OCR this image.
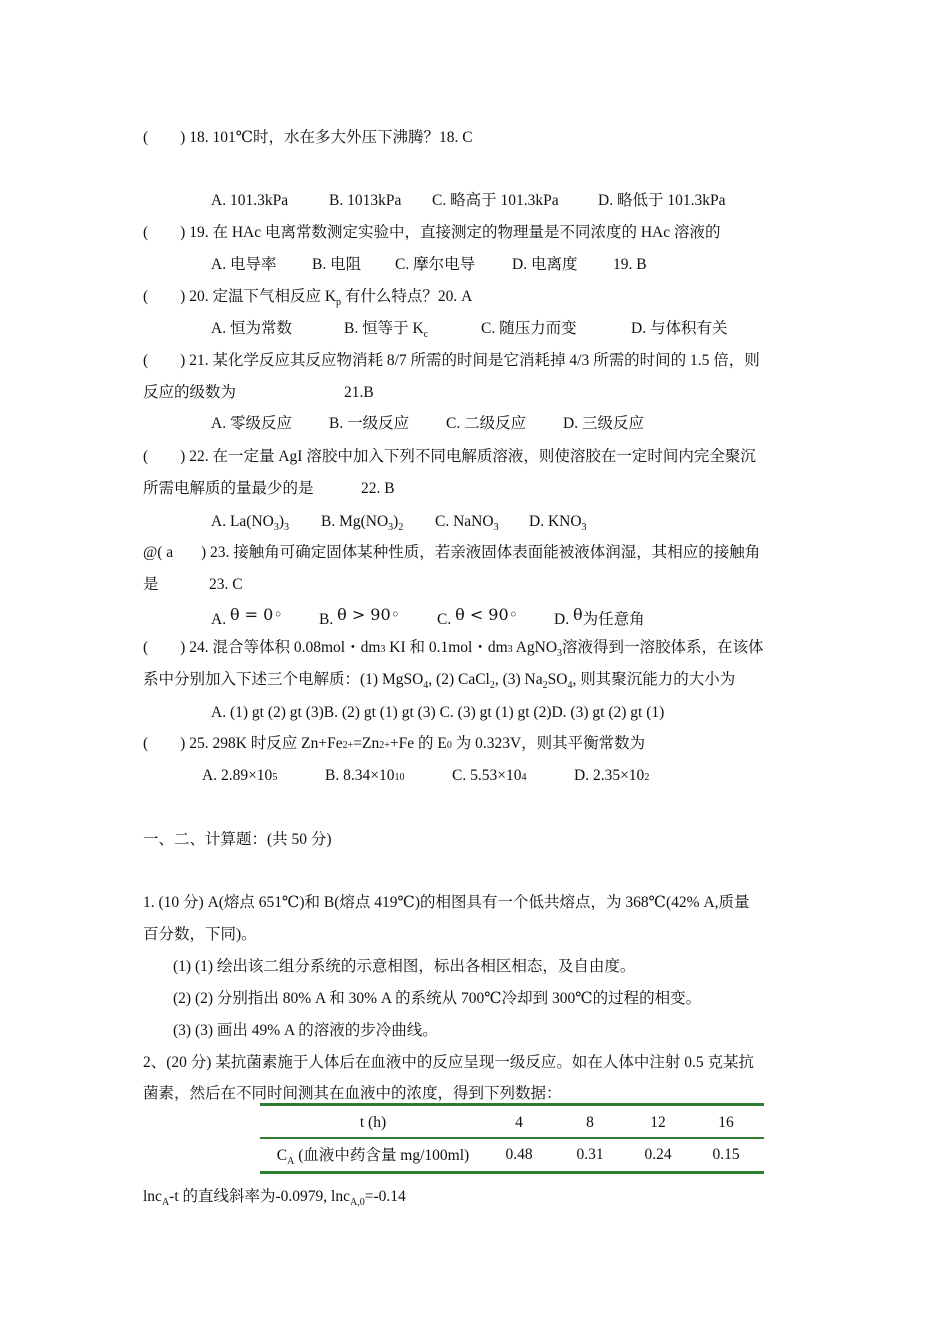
( ) 18. 101℃时，水在多大外压下沸腾？18. C
A. 101.3kPa	B. 1013kPa C. 略高于 101.3kPa	D. 略低于 101.3kPa
( ) 19. 在 HAc 电离常数测定实验中，直接测定的物理量是不同浓度的 HAc 溶液的
A. 电导率 B. 电阻 C. 摩尔电导 D. 电离度 19. B
( ) 20. 定温下气相反应 $K_p$ 有什么特点？20. A
A. 恒为常数	B. 恒等于 $K_c$	C. 随压力而变	D. 与体积有关
( ) 21. 某化学反应其反应物消耗 8/7 所需的时间是它消耗掉 4/3 所需的时间的 1.5 倍，则
反应的级数为	21.B
A. 零级反应 B. 一级反应 C. 二级反应 D. 三级反应
( ) 22. 在一定量 AgI 溶胶中加入下列不同电解质溶液，则使溶胶在一定时间内完全聚沉
所需电解质的量最少的是	22. B
A. $La(NO_3)_3$ B. $Mg(NO_3)_2$ C. NaNO$_3$ D. $KNO_3$
@( a ) 23. 接触角可确定固体某种性质，若亲液固体表面能被液体润湿，其相应的接触角
是	23. C
A. θ = 0◦ B. θ > 90◦ C. θ < 90◦ D. θ为任意角
( ) 24. 混合等体积 0.08mol・dm3 KI 和 0.1mol・dm3 AgNO$_3$溶液得到一溶胶体系，在该体
系中分别加入下述三个电解质：(1) MgSO$_4$, (2) CaCl$_2$, (3) $Na_2SO_4$, 则其聚沉能力的大小为
A. (1) gt (2) gt (3)B. (2) gt (1) gt (3) C. (3) gt (1) gt (2)D. (3) gt (2) gt (1)
( ) 25. 298K 时反应 Zn+Fe2+=Zn2++Fe 的 E0 为 0.323V，则其平衡常数为
A. 2.89×105	B. 8.34×1010	C. 5.53×104	D. 2.35×102
一、二、计算题：(共 50 分)
1. (10 分) A(熔点 651℃)和 B(熔点 419℃)的相图具有一个低共熔点，为 368℃(42% A,质量
百分数，下同)。
(1) (1) 绘出该二组分系统的示意相图，标出各相区相态，及自由度。
(2) (2) 分别指出 80% A 和 30% A 的系统从 700℃冷却到 300℃的过程的相变。
(3) (3) 画出 49% A 的溶液的步冷曲线。
2、(20 分) 某抗菌素施于人体后在血液中的反应呈现一级反应。如在人体中注射 0.5 克某抗
菌素，然后在不同时间测其在血液中的浓度，得到下列数据：
t (h)	4	8	12	16
$C_A$ (血液中药含量 mg/100ml)	0.48	0.31	0.24	0.15
lnc$_A$-t 的直线斜率为-0.0979, lnc$_{A,0}$=-0.14
